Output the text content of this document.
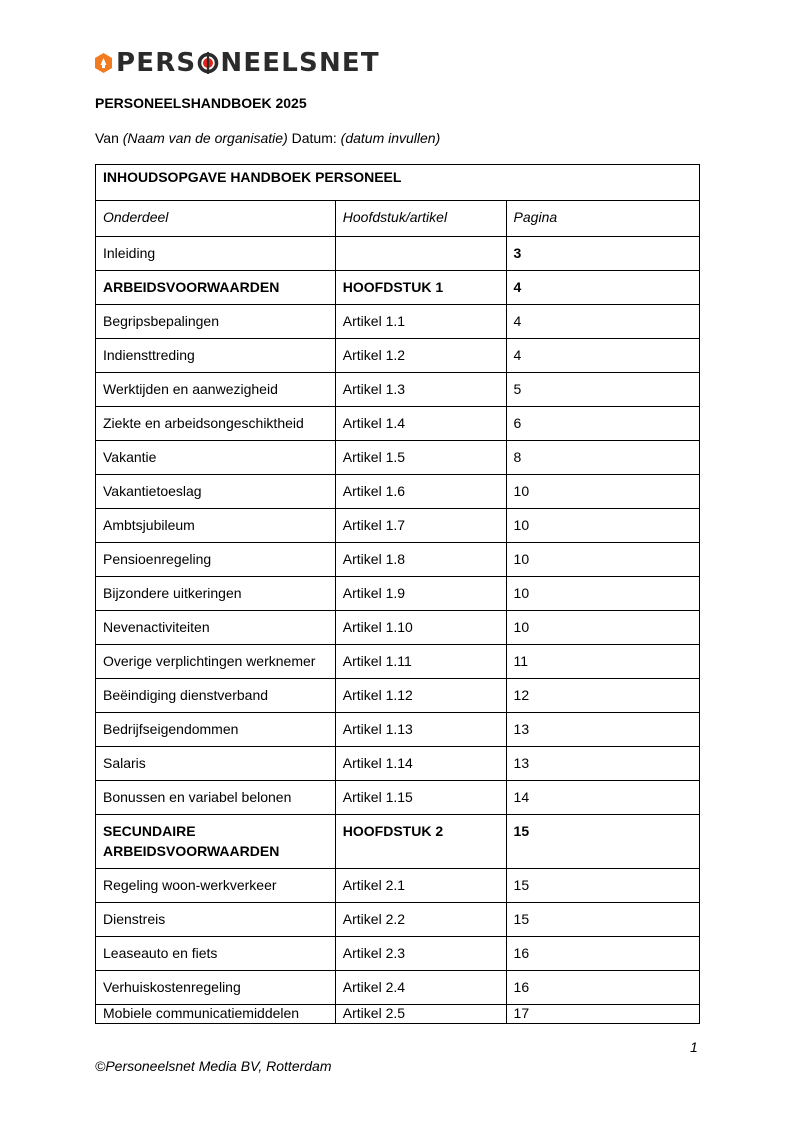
PERS NEELSNET
PERSONEELSHANDBOEK 2025
Van (Naam van de organisatie) Datum: (datum invullen)
INHOUDSOPGAVE HANDBOEK PERSONEEL		
Onderdeel	Hoofdstuk/artikel	Pagina
Inleiding		3
ARBEIDSVOORWAARDEN	HOOFDSTUK 1	4
Begripsbepalingen	Artikel 1.1	4
Indiensttreding	Artikel 1.2	4
Werktijden en aanwezigheid	Artikel 1.3	5
Ziekte en arbeidsongeschiktheid	Artikel 1.4	6
Vakantie	Artikel 1.5	8
Vakantietoeslag	Artikel 1.6	10
Ambtsjubileum	Artikel 1.7	10
Pensioenregeling	Artikel 1.8	10
Bijzondere uitkeringen	Artikel 1.9	10
Nevenactiviteiten	Artikel 1.10	10
Overige verplichtingen werknemer	Artikel 1.11	11
Beëindiging dienstverband	Artikel 1.12	12
Bedrijfseigendommen	Artikel 1.13	13
Salaris	Artikel 1.14	13
Bonussen en variabel belonen	Artikel 1.15	14
SECUNDAIRE ARBEIDSVOORWAARDEN	HOOFDSTUK 2	15
Regeling woon-werkverkeer	Artikel 2.1	15
Dienstreis	Artikel 2.2	15
Leaseauto en fiets	Artikel 2.3	16
Verhuiskostenregeling	Artikel 2.4	16
Mobiele communicatiemiddelen	Artikel 2.5	17
1
©Personeelsnet Media BV, Rotterdam
